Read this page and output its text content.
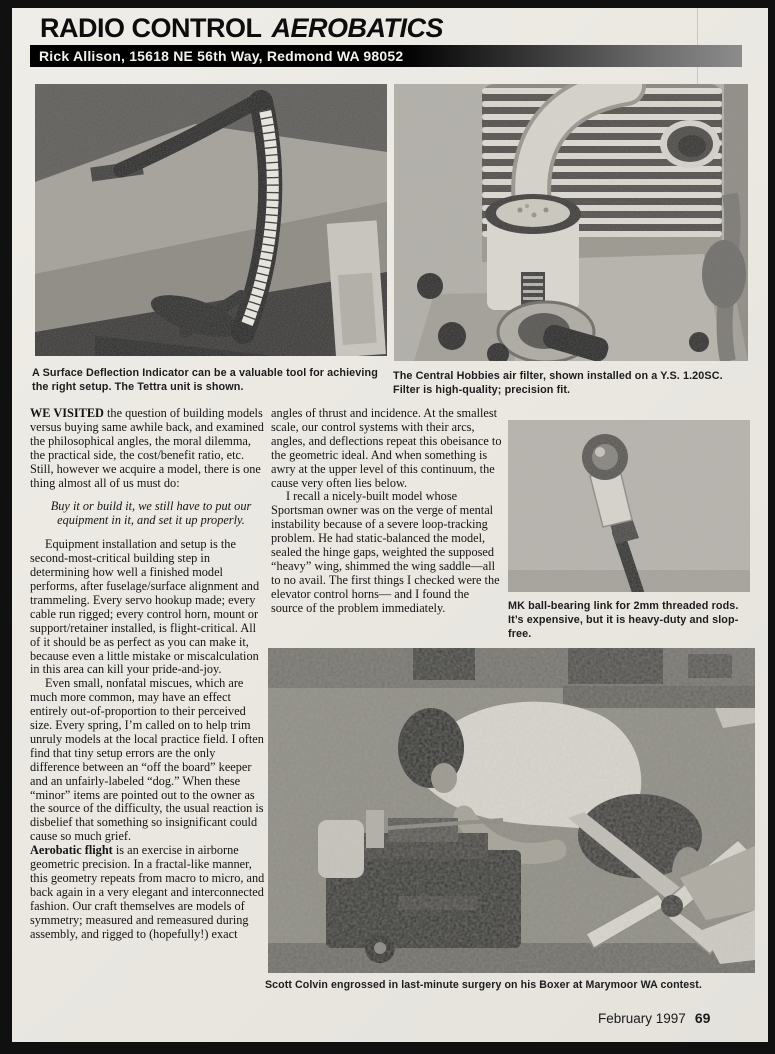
RADIO CONTROL AEROBATICS
Rick Allison, 15618 NE 56th Way, Redmond WA 98052
A Surface Deflection Indicator can be a valuable tool for achieving the right setup. The Tettra unit is shown.
The Central Hobbies air filter, shown installed on a Y.S. 1.20SC. Filter is high-quality; precision fit.

WE VISITED the question of building models versus buying same awhile back, and examined the philosophical angles, the moral dilemma, the practical side, the cost/benefit ratio, etc. Still, however we acquire a model, there is one thing almost all of us must do:

Buy it or build it, we still have to put our equipment in it, and set it up properly.

Equipment installation and setup is the second-most-critical building step in determining how well a finished model performs, after fuselage/surface alignment and trammeling. Every servo hookup made; every cable run rigged; every control horn, mount or support/retainer installed, is flight-critical. All of it should be as perfect as you can make it, because even a little mistake or miscalculation in this area can kill your pride-and-joy.

Even small, nonfatal miscues, which are much more common, may have an effect entirely out-of-proportion to their perceived size. Every spring, I’m called on to help trim unruly models at the local practice field. I often find that tiny setup errors are the only difference between an “off the board” keeper and an unfairly-labeled “dog.” When these “minor” items are pointed out to the owner as the source of the difficulty, the usual reaction is disbelief that something so insignificant could cause so much grief.

Aerobatic flight is an exercise in airborne geometric precision. In a fractal-like manner, this geometry repeats from macro to micro, and back again in a very elegant and interconnected fashion. Our craft themselves are models of symmetry; measured and remeasured during assembly, and rigged to (hopefully!) exact

angles of thrust and incidence. At the smallest scale, our control systems with their arcs, angles, and deflections repeat this obeisance to the geometric ideal. And when something is awry at the upper level of this continuum, the cause very often lies below.

I recall a nicely-built model whose Sportsman owner was on the verge of mental instability because of a severe loop-tracking problem. He had static-balanced the model, sealed the hinge gaps, weighted the supposed “heavy” wing, shimmed the wing saddle—all to no avail. The first things I checked were the elevator control horns— and I found the source of the problem immediately.	MK ball-bearing link for 2mm threaded rods. It’s expensive, but it is heavy-duty and slop-free.
Scott Colvin engrossed in last-minute surgery on his Boxer at Marymoor WA contest.
February 1997 69
